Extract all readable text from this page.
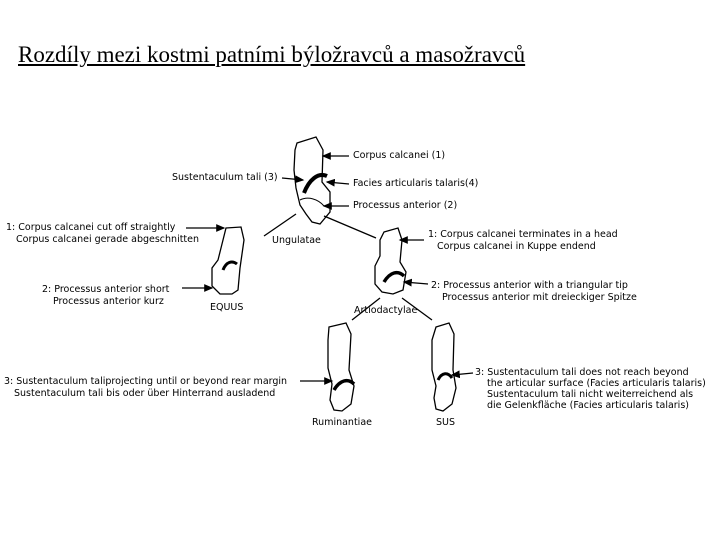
Rozdíly mezi kostmi patními býložravců a masožravců
Sustentaculum tali (3)
Corpus calcanei (1)
Facies articularis talaris(4)
Processus anterior (2)
Ungulatae
1: Corpus calcanei cut off straightly
Corpus calcanei gerade abgeschnitten
2: Processus anterior short
Processus anterior kurz
EQUUS
1: Corpus calcanei terminates in a head
Corpus calcanei in Kuppe endend
2: Processus anterior with a triangular tip
Processus anterior mit dreieckiger Spitze
Artiodactylae
3: Sustentaculum taliprojecting until or beyond rear margin
Sustentaculum tali bis oder über Hinterrand ausladend
Ruminantiae
3: Sustentaculum tali does not reach beyond
the articular surface (Facies articularis talaris)
Sustentaculum tali nicht weiterreichend als
die Gelenkfläche (Facies articularis talaris)
SUS
